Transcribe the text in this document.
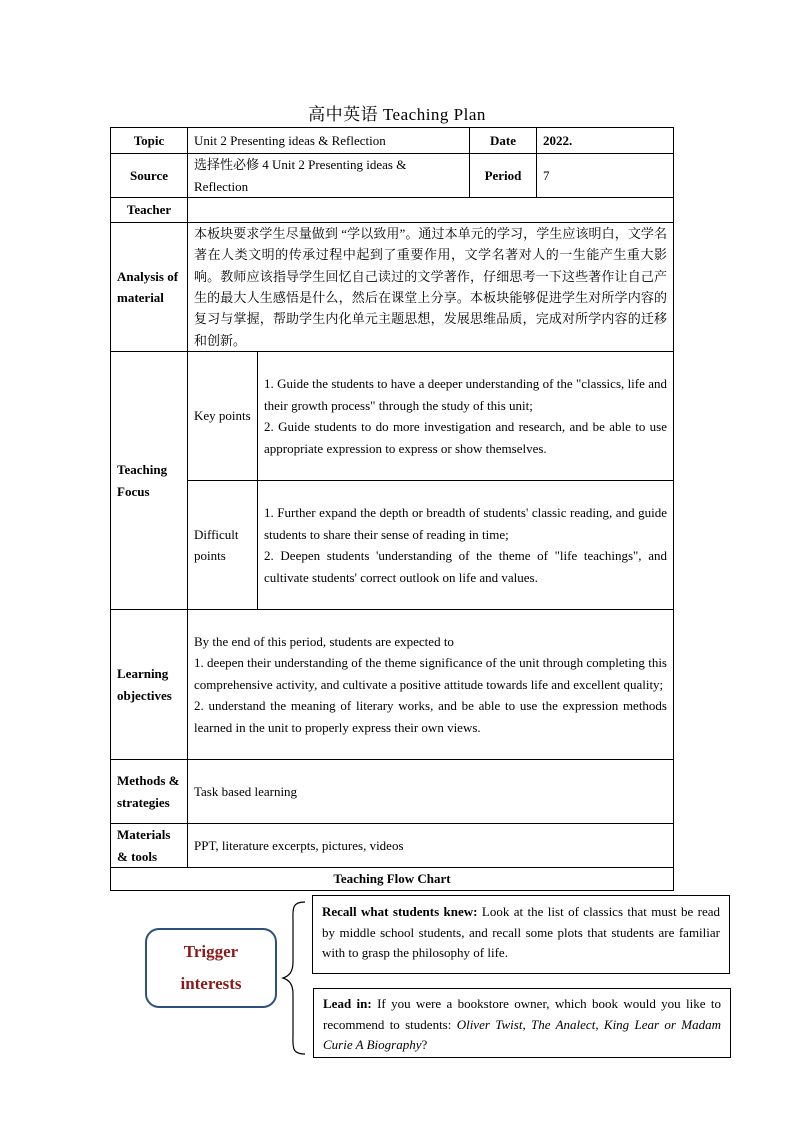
高中英语 Teaching Plan
Topic	Unit 2 Presenting ideas & Reflection		Date	2022.
Source	选择性必修 4 Unit 2 Presenting ideas & Reflection		Period	7
Teacher				
Analysis of material	本板块要求学生尽量做到 “学以致用”。通过本单元的学习，学生应该明白，文学名著在人类文明的传承过程中起到了重要作用，文学名著对人的一生能产生重大影响。教师应该指导学生回忆自己读过的文学著作，仔细思考一下这些著作让自己产生的最大人生感悟是什么，然后在课堂上分享。本板块能够促进学生对所学内容的复习与掌握，帮助学生内化单元主题思想，发展思维品质，完成对所学内容的迁移和创新。			
Teaching Focus	Key points	1. Guide the students to have a deeper understanding of the "classics, life and their growth process" through the study of this unit;
2. Guide students to do more investigation and research, and be able to use appropriate expression to express or show themselves.		

	Difficult points	1. Further expand the depth or breadth of students' classic reading, and guide students to share their sense of reading in time;
2. Deepen students 'understanding of the theme of "life teachings", and cultivate students' correct outlook on life and values.		

Learning objectives	By the end of this period, students are expected to
1. deepen their understanding of the theme significance of the unit through completing this comprehensive activity, and cultivate a positive attitude towards life and excellent quality;
2. understand the meaning of literary works, and be able to use the expression methods learned in the unit to properly express their own views.			

Methods & strategies	Task based learning			
Materials & tools	PPT, literature excerpts, pictures, videos			
Teaching Flow Chart				
Trigger
interests
Recall what students knew: Look at the list of classics that must be read by middle school students, and recall some plots that students are familiar with to grasp the philosophy of life.
Lead in: If you were a bookstore owner, which book would you like to recommend to students: Oliver Twist, The Analect, King Lear or Madam Curie A Biography?
